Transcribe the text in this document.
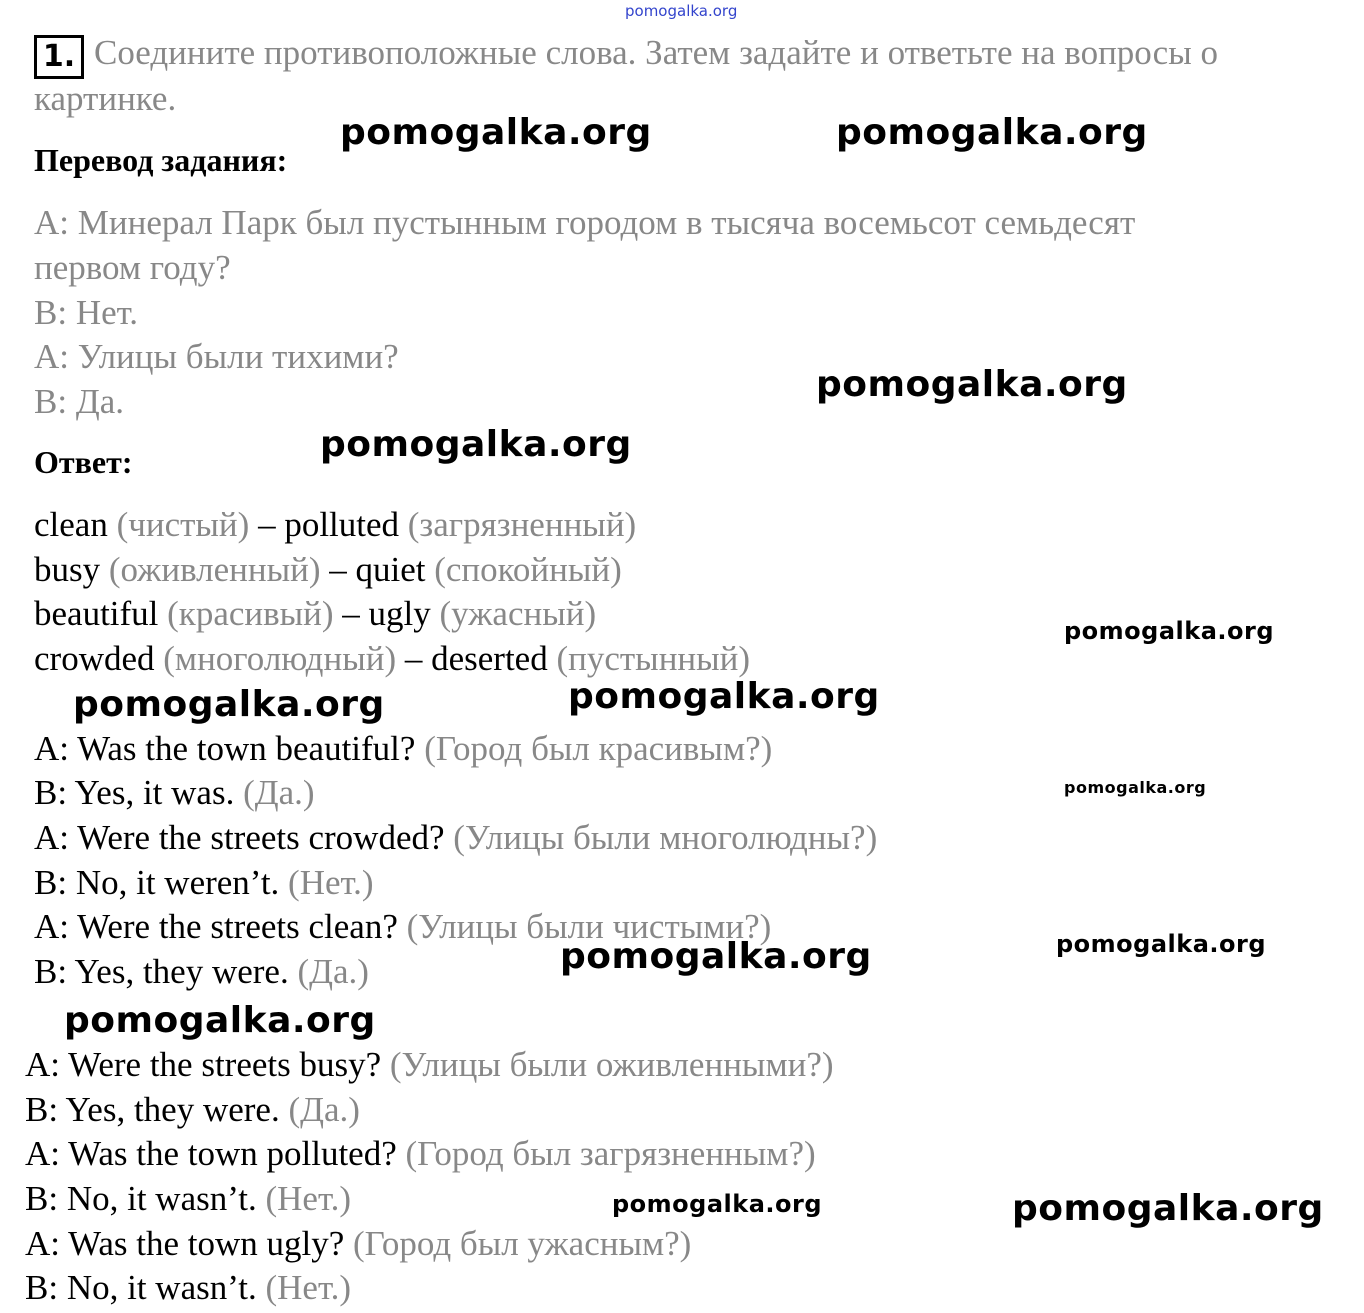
pomogalka.org
Соедините противоположные слова. Затем задайте и ответьте на вопросы о картинке.
1.
Перевод задания:
А: Минерал Парк был пустынным городом в тысяча восемьсот семьдесят
первом году?
В: Нет.
А: Улицы были тихими?
В: Да.
Ответ:
clean (чистый) – polluted (загрязненный)
busy (оживленный) – quiet (спокойный)
beautiful (красивый) – ugly (ужасный)
crowded (многолюдный) – deserted (пустынный)
A: Was the town beautiful? (Город был красивым?)
B: Yes, it was. (Да.)
A: Were the streets crowded? (Улицы были многолюдны?)
B: No, it weren’t. (Нет.)
A: Were the streets clean? (Улицы были чистыми?)
B: Yes, they were. (Да.)
A: Were the streets busy? (Улицы были оживленными?)
B: Yes, they were. (Да.)
A: Was the town polluted? (Город был загрязненным?)
B: No, it wasn’t. (Нет.)
A: Was the town ugly? (Город был ужасным?)
B: No, it wasn’t. (Нет.)
pomogalka.org	pomogalka.org
pomogalka.org
pomogalka.org
pomogalka.org
pomogalka.org	pomogalka.org
pomogalka.org
pomogalka.org
pomogalka.org
pomogalka.org
pomogalka.org	pomogalka.org
